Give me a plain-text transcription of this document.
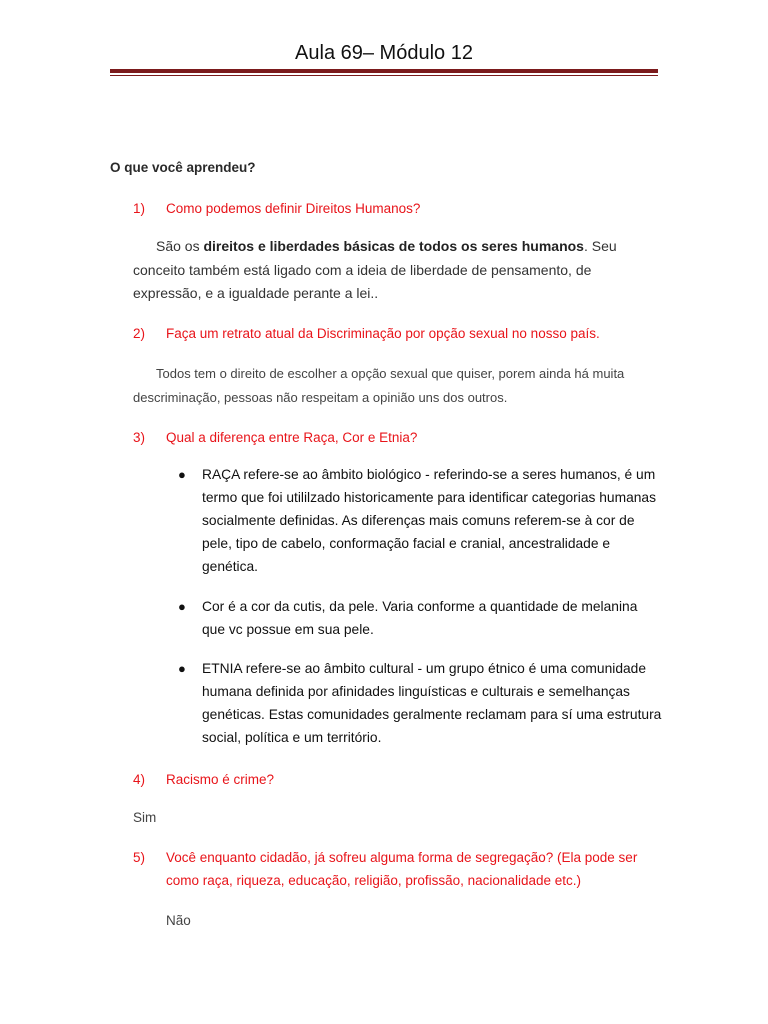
Aula 69– Módulo 12
O que você aprendeu?
1) Como podemos definir Direitos Humanos?
São os direitos e liberdades básicas de todos os seres humanos. Seu conceito também está ligado com a ideia de liberdade de pensamento, de expressão, e a igualdade perante a lei..
2) Faça um retrato atual da Discriminação por opção sexual no nosso país.
Todos tem o direito de escolher a opção sexual que quiser, porem ainda há muita descriminação, pessoas não respeitam a opinião uns dos outros.
3) Qual a diferença entre Raça, Cor e Etnia?
● RAÇA refere-se ao âmbito biológico - referindo-se a seres humanos, é um termo que foi utililzado historicamente para identificar categorias humanas socialmente definidas. As diferenças mais comuns referem-se à cor de pele, tipo de cabelo, conformação facial e cranial, ancestralidade e genética.
● Cor é a cor da cutis, da pele. Varia conforme a quantidade de melanina que vc possue em sua pele.
● ETNIA refere-se ao âmbito cultural - um grupo étnico é uma comunidade humana definida por afinidades linguísticas e culturais e semelhanças genéticas. Estas comunidades geralmente reclamam para sí uma estrutura social, política e um território.
4) Racismo é crime?
Sim
5) Você enquanto cidadão, já sofreu alguma forma de segregação? (Ela pode ser como raça, riqueza, educação, religião, profissão, nacionalidade etc.)
Não
